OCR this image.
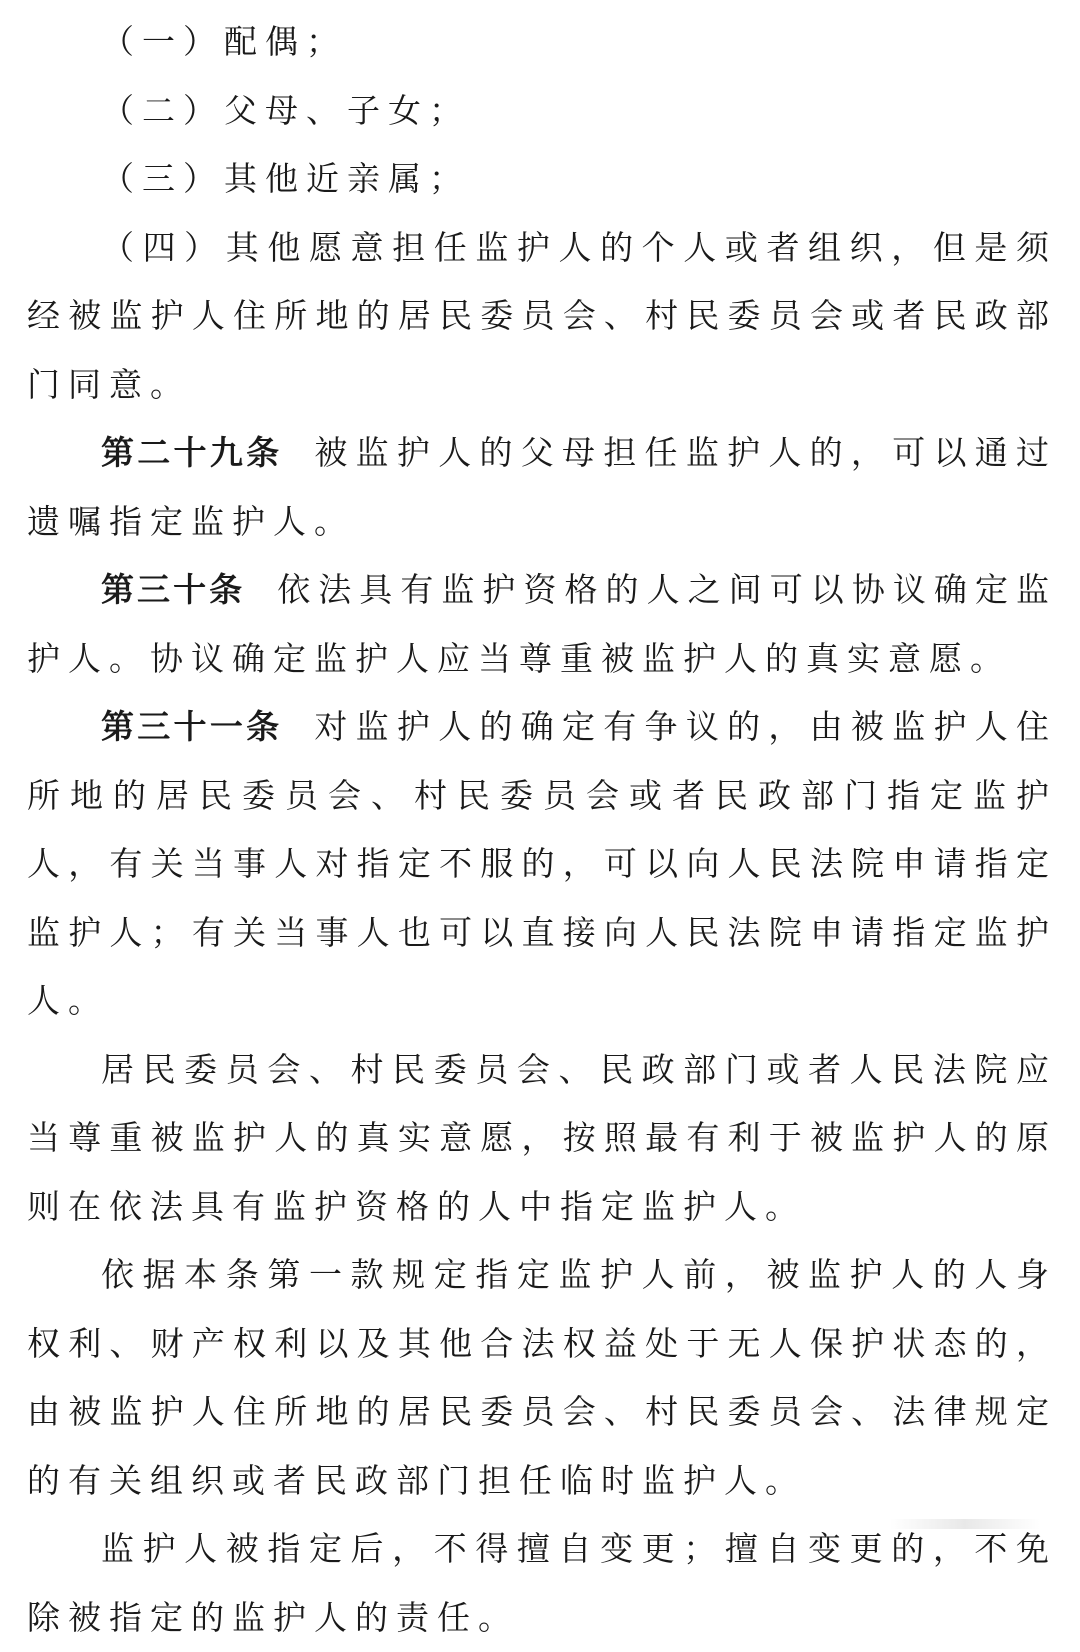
（一）配偶；

（二）父母、子女；

（三）其他近亲属；

（四）其他愿意担任监护人的个人或者组织，但是须经被监护人住所地的居民委员会、村民委员会或者民政部门同意。

第二十九条 被监护人的父母担任监护人的，可以通过遗嘱指定监护人。

第三十条 依法具有监护资格的人之间可以协议确定监护人。协议确定监护人应当尊重被监护人的真实意愿。

第三十一条 对监护人的确定有争议的，由被监护人住所地的居民委员会、村民委员会或者民政部门指定监护人，有关当事人对指定不服的，可以向人民法院申请指定监护人；有关当事人也可以直接向人民法院申请指定监护人。

居民委员会、村民委员会、民政部门或者人民法院应当尊重被监护人的真实意愿，按照最有利于被监护人的原则在依法具有监护资格的人中指定监护人。

依据本条第一款规定指定监护人前，被监护人的人身权利、财产权利以及其他合法权益处于无人保护状态的，由被监护人住所地的居民委员会、村民委员会、法律规定的有关组织或者民政部门担任临时监护人。

监护人被指定后，不得擅自变更；擅自变更的，不免除被指定的监护人的责任。
